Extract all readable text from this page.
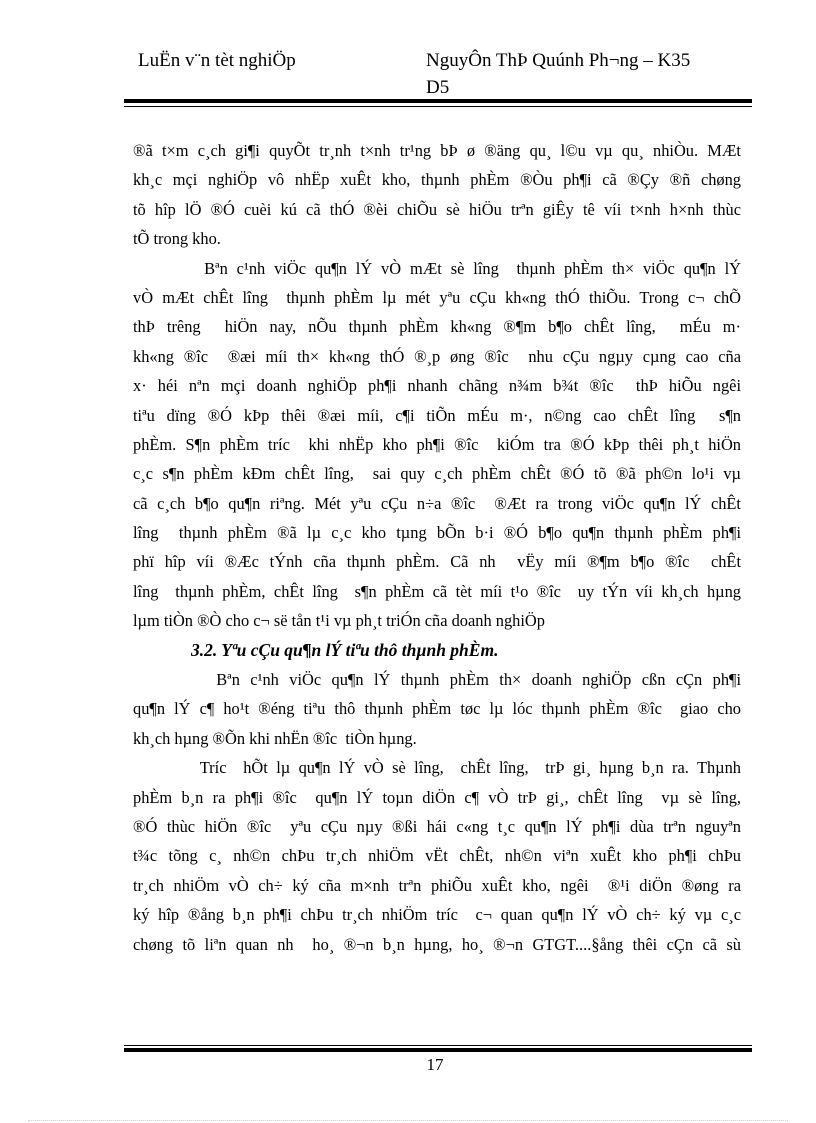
LuËn v¨n tèt nghiÖp	NguyÔn ThÞ Quúnh Ph¬ng – K35
D5
®ã t×m c¸ch gi¶i quyÕt tr¸nh t×nh tr¹ng bÞ ø ®äng qu¸ l©u vµ qu¸ nhiÒu. MÆt
kh¸c mçi nghiÖp vô nhËp xuÊt kho, thµnh phÈm ®Òu ph¶i cã ®Çy ®ñ chøng
tõ hîp lÖ ®Ó cuèi kú cã thÓ ®èi chiÕu sè hiÖu trªn giÊy tê víi t×nh h×nh thùc
tÕ trong kho.
Bªn c¹nh viÖc qu¶n lÝ vÒ mÆt sè lîng  thµnh phÈm th× viÖc qu¶n lÝ
vÒ mÆt chÊt lîng  thµnh phÈm lµ mét yªu cÇu kh«ng thÓ thiÕu. Trong c¬ chÕ
thÞ trêng  hiÖn nay, nÕu thµnh phÈm kh«ng ®¶m b¶o chÊt lîng,  mÉu m·
kh«ng ®îc  ®æi míi th× kh«ng thÓ ®¸p øng ®îc  nhu cÇu ngµy cµng cao cña
x· héi nªn mçi doanh nghiÖp ph¶i nhanh chãng n¾m b¾t ®îc  thÞ hiÕu ngêi
tiªu dïng ®Ó kÞp thêi ®æi míi, c¶i tiÕn mÉu m·, n©ng cao chÊt lîng  s¶n
phÈm. S¶n phÈm tríc  khi nhËp kho ph¶i ®îc  kiÓm tra ®Ó kÞp thêi ph¸t hiÖn
c¸c s¶n phÈm kÐm chÊt lîng,  sai quy c¸ch phÈm chÊt ®Ó tõ ®ã ph©n lo¹i vµ
cã c¸ch b¶o qu¶n riªng. Mét yªu cÇu n÷a ®îc  ®Æt ra trong viÖc qu¶n lÝ chÊt
lîng  thµnh phÈm ®ã lµ c¸c kho tµng bÕn b·i ®Ó b¶o qu¶n thµnh phÈm ph¶i
phï hîp víi ®Æc tÝnh cña thµnh phÈm. Cã nh  vËy míi ®¶m b¶o ®îc  chÊt
lîng  thµnh phÈm, chÊt lîng  s¶n phÈm cã tèt míi t¹o ®îc  uy tÝn víi kh¸ch hµng
lµm tiÒn ®Ò cho c¬ së tån t¹i vµ ph¸t triÓn cña doanh nghiÖp
3.2. Yªu cÇu qu¶n lÝ tiªu thô thµnh phÈm.
Bªn c¹nh viÖc qu¶n lÝ thµnh phÈm th× doanh nghiÖp cßn cÇn ph¶i
qu¶n lÝ c¶ ho¹t ®éng tiªu thô thµnh phÈm tøc lµ lóc thµnh phÈm ®îc  giao cho
kh¸ch hµng ®Õn khi nhËn ®îc  tiÒn hµng.
Tríc  hÕt lµ qu¶n lÝ vÒ sè lîng,  chÊt lîng,  trÞ gi¸ hµng b¸n ra. Thµnh
phÈm b¸n ra ph¶i ®îc  qu¶n lÝ toµn diÖn c¶ vÒ trÞ gi¸, chÊt lîng  vµ sè lîng,
®Ó thùc hiÖn ®îc  yªu cÇu nµy ®ßi hái c«ng t¸c qu¶n lÝ ph¶i dùa trªn nguyªn
t¾c tõng c¸ nh©n chÞu tr¸ch nhiÖm vËt chÊt, nh©n viªn xuÊt kho ph¶i chÞu
tr¸ch nhiÖm vÒ ch÷ ký cña m×nh trªn phiÕu xuÊt kho, ngêi  ®¹i diÖn ®øng ra
ký hîp ®ång b¸n ph¶i chÞu tr¸ch nhiÖm tríc  c¬ quan qu¶n lÝ vÒ ch÷ ký vµ c¸c
chøng tõ liªn quan nh  ho¸ ®¬n b¸n hµng, ho¸ ®¬n GTGT....§ång thêi cÇn cã sù
17
